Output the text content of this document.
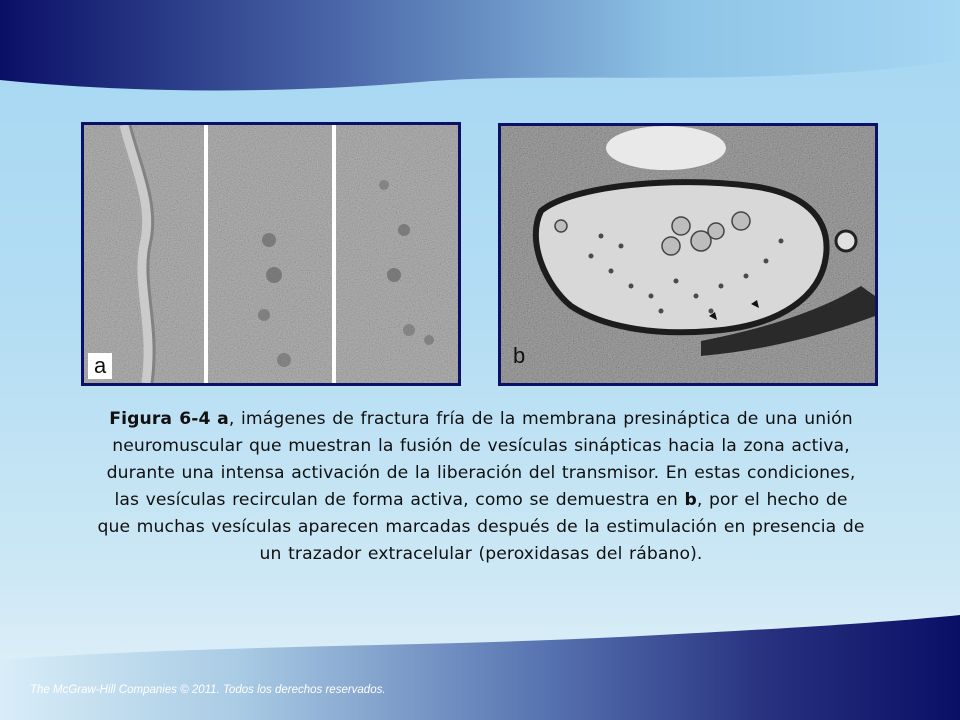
a	b
Figura 6-4 a, imágenes de fractura fría de la membrana presináptica de una unión neuromuscular que muestran la fusión de vesículas sinápticas hacia la zona activa, durante una intensa activación de la liberación del transmisor. En estas condiciones, las vesículas recirculan de forma activa, como se demuestra en b, por el hecho de que muchas vesículas aparecen marcadas después de la estimulación en presencia de un trazador extracelular (peroxidasas del rábano).
The McGraw-Hill Companies © 2011. Todos los derechos reservados.
